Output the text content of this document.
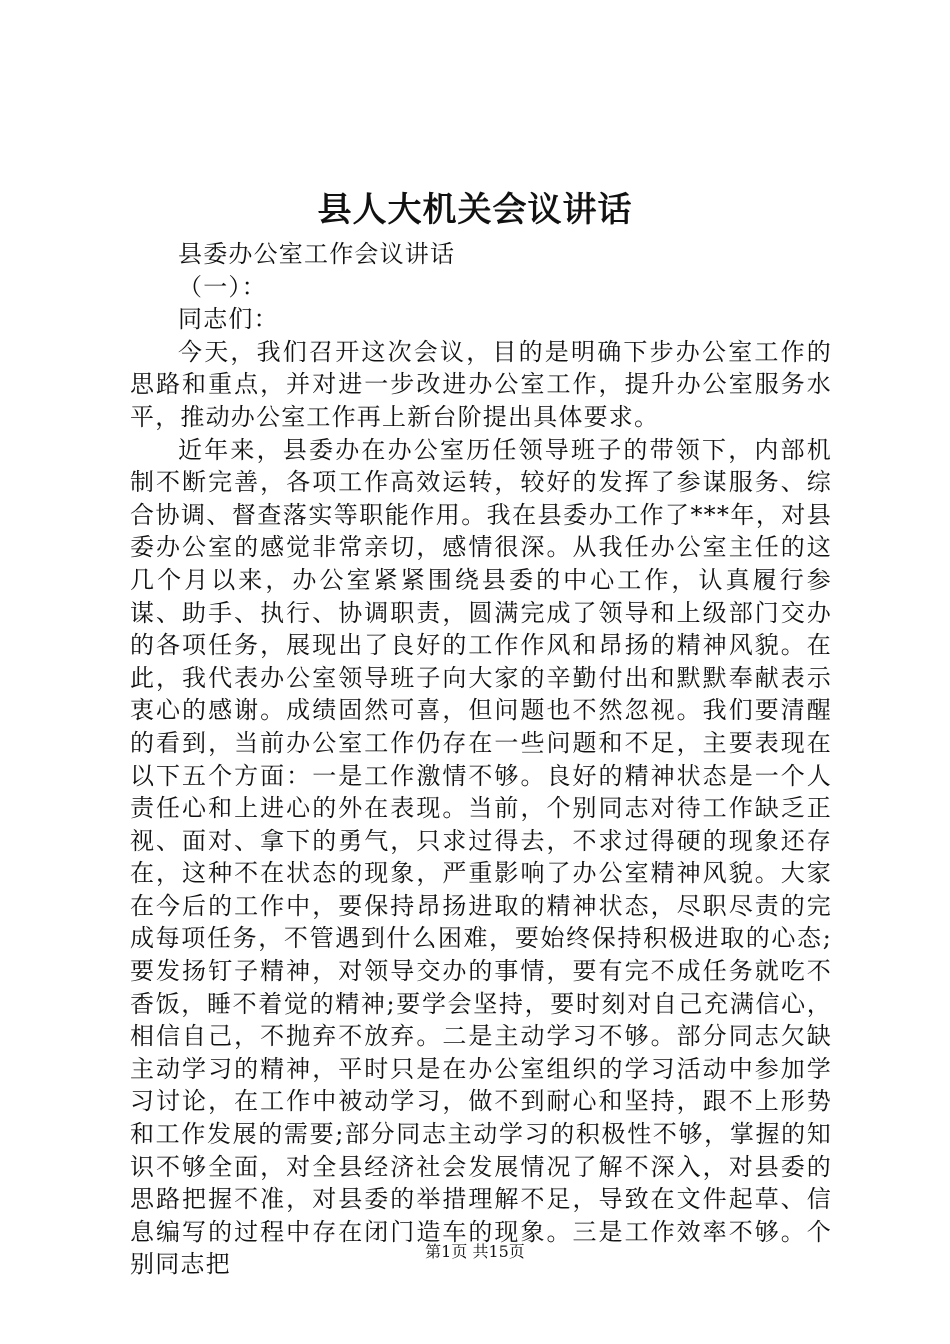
县人大机关会议讲话

县委办公室工作会议讲话

（一）：

同志们：

今天，我们召开这次会议，目的是明确下步办公室工作的思路和重点，并对进一步改进办公室工作，提升办公室服务水平，推动办公室工作再上新台阶提出具体要求。

近年来，县委办在办公室历任领导班子的带领下，内部机制不断完善，各项工作高效运转，较好的发挥了参谋服务、综合协调、督查落实等职能作用。我在县委办工作了***年，对县委办公室的感觉非常亲切，感情很深。从我任办公室主任的这几个月以来，办公室紧紧围绕县委的中心工作，认真履行参谋、助手、执行、协调职责，圆满完成了领导和上级部门交办的各项任务，展现出了良好的工作作风和昂扬的精神风貌。在此，我代表办公室领导班子向大家的辛勤付出和默默奉献表示衷心的感谢。成绩固然可喜，但问题也不然忽视。我们要清醒的看到，当前办公室工作仍存在一些问题和不足，主要表现在以下五个方面：一是工作激情不够。良好的精神状态是一个人责任心和上进心的外在表现。当前，个别同志对待工作缺乏正视、面对、拿下的勇气，只求过得去，不求过得硬的现象还存在，这种不在状态的现象，严重影响了办公室精神风貌。大家在今后的工作中，要保持昂扬进取的精神状态，尽职尽责的完成每项任务，不管遇到什么困难，要始终保持积极进取的心态;要发扬钉子精神，对领导交办的事情，要有完不成任务就吃不香饭，睡不着觉的精神;要学会坚持，要时刻对自己充满信心，相信自己，不抛弃不放弃。二是主动学习不够。部分同志欠缺主动学习的精神，平时只是在办公室组织的学习活动中参加学习讨论，在工作中被动学习，做不到耐心和坚持，跟不上形势和工作发展的需要;部分同志主动学习的积极性不够，掌握的知识不够全面，对全县经济社会发展情况了解不深入，对县委的思路把握不准，对县委的举措理解不足，导致在文件起草、信息编写的过程中存在闭门造车的现象。三是工作效率不够。个别同志把	第1页 共15页
